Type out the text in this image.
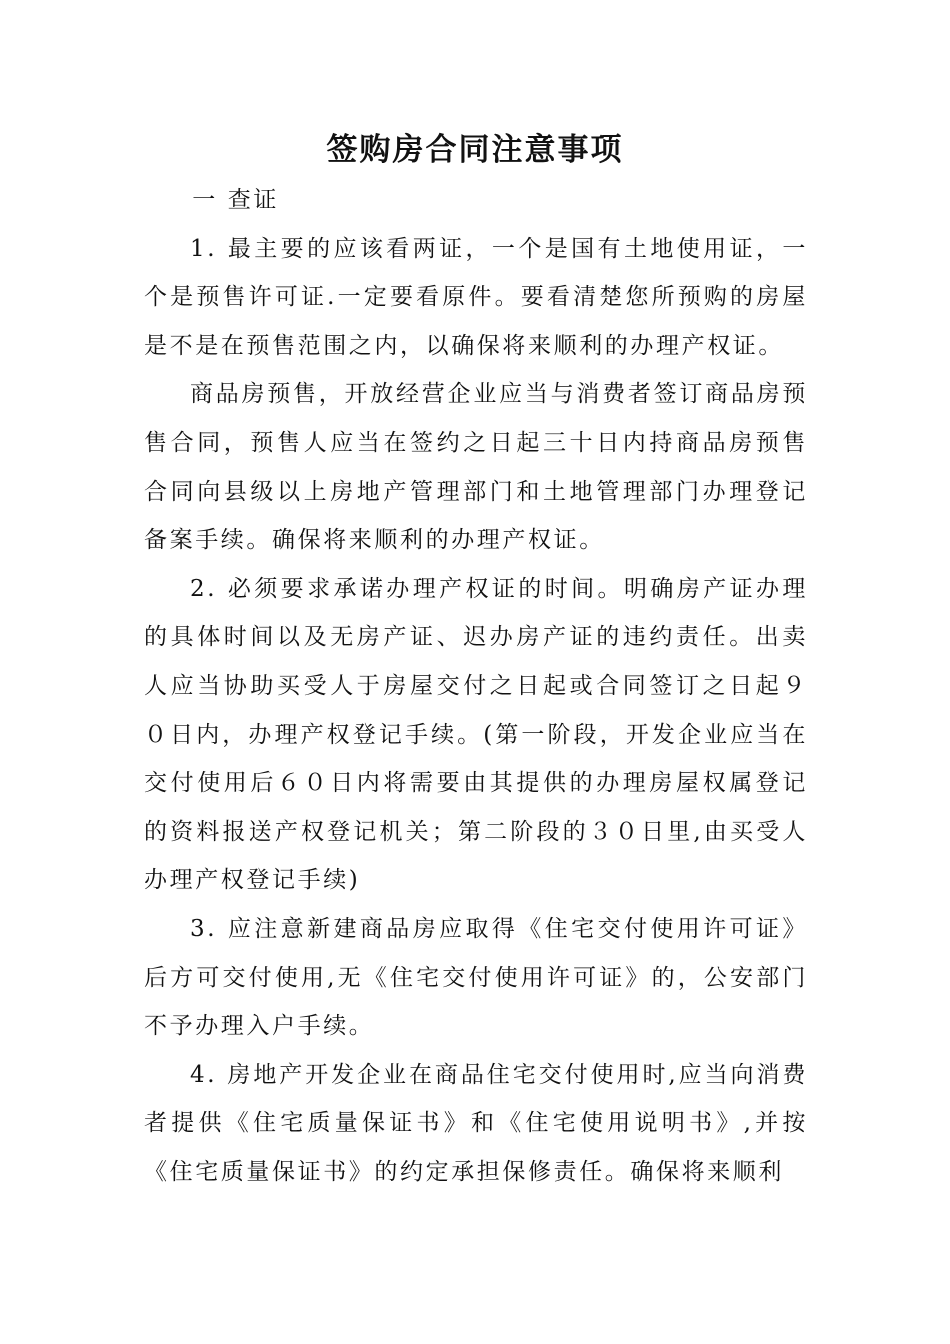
签购房合同注意事项

一 查证

1. 最主要的应该看两证，一个是国有土地使用证，一个是预售许可证.一定要看原件。要看清楚您所预购的房屋是不是在预售范围之内，以确保将来顺利的办理产权证。

商品房预售，开放经营企业应当与消费者签订商品房预售合同，预售人应当在签约之日起三十日内持商品房预售合同向县级以上房地产管理部门和土地管理部门办理登记备案手续。确保将来顺利的办理产权证。

2. 必须要求承诺办理产权证的时间。明确房产证办理的具体时间以及无房产证、迟办房产证的违约责任。出卖人应当协助买受人于房屋交付之日起或合同签订之日起９０日内，办理产权登记手续。(第一阶段，开发企业应当在交付使用后６０日内将需要由其提供的办理房屋权属登记的资料报送产权登记机关；第二阶段的３０日里,由买受人办理产权登记手续)

3. 应注意新建商品房应取得《住宅交付使用许可证》后方可交付使用,无《住宅交付使用许可证》的，公安部门不予办理入户手续。

4. 房地产开发企业在商品住宅交付使用时,应当向消费者提供《住宅质量保证书》和《住宅使用说明书》,并按《住宅质量保证书》的约定承担保修责任。确保将来顺利
